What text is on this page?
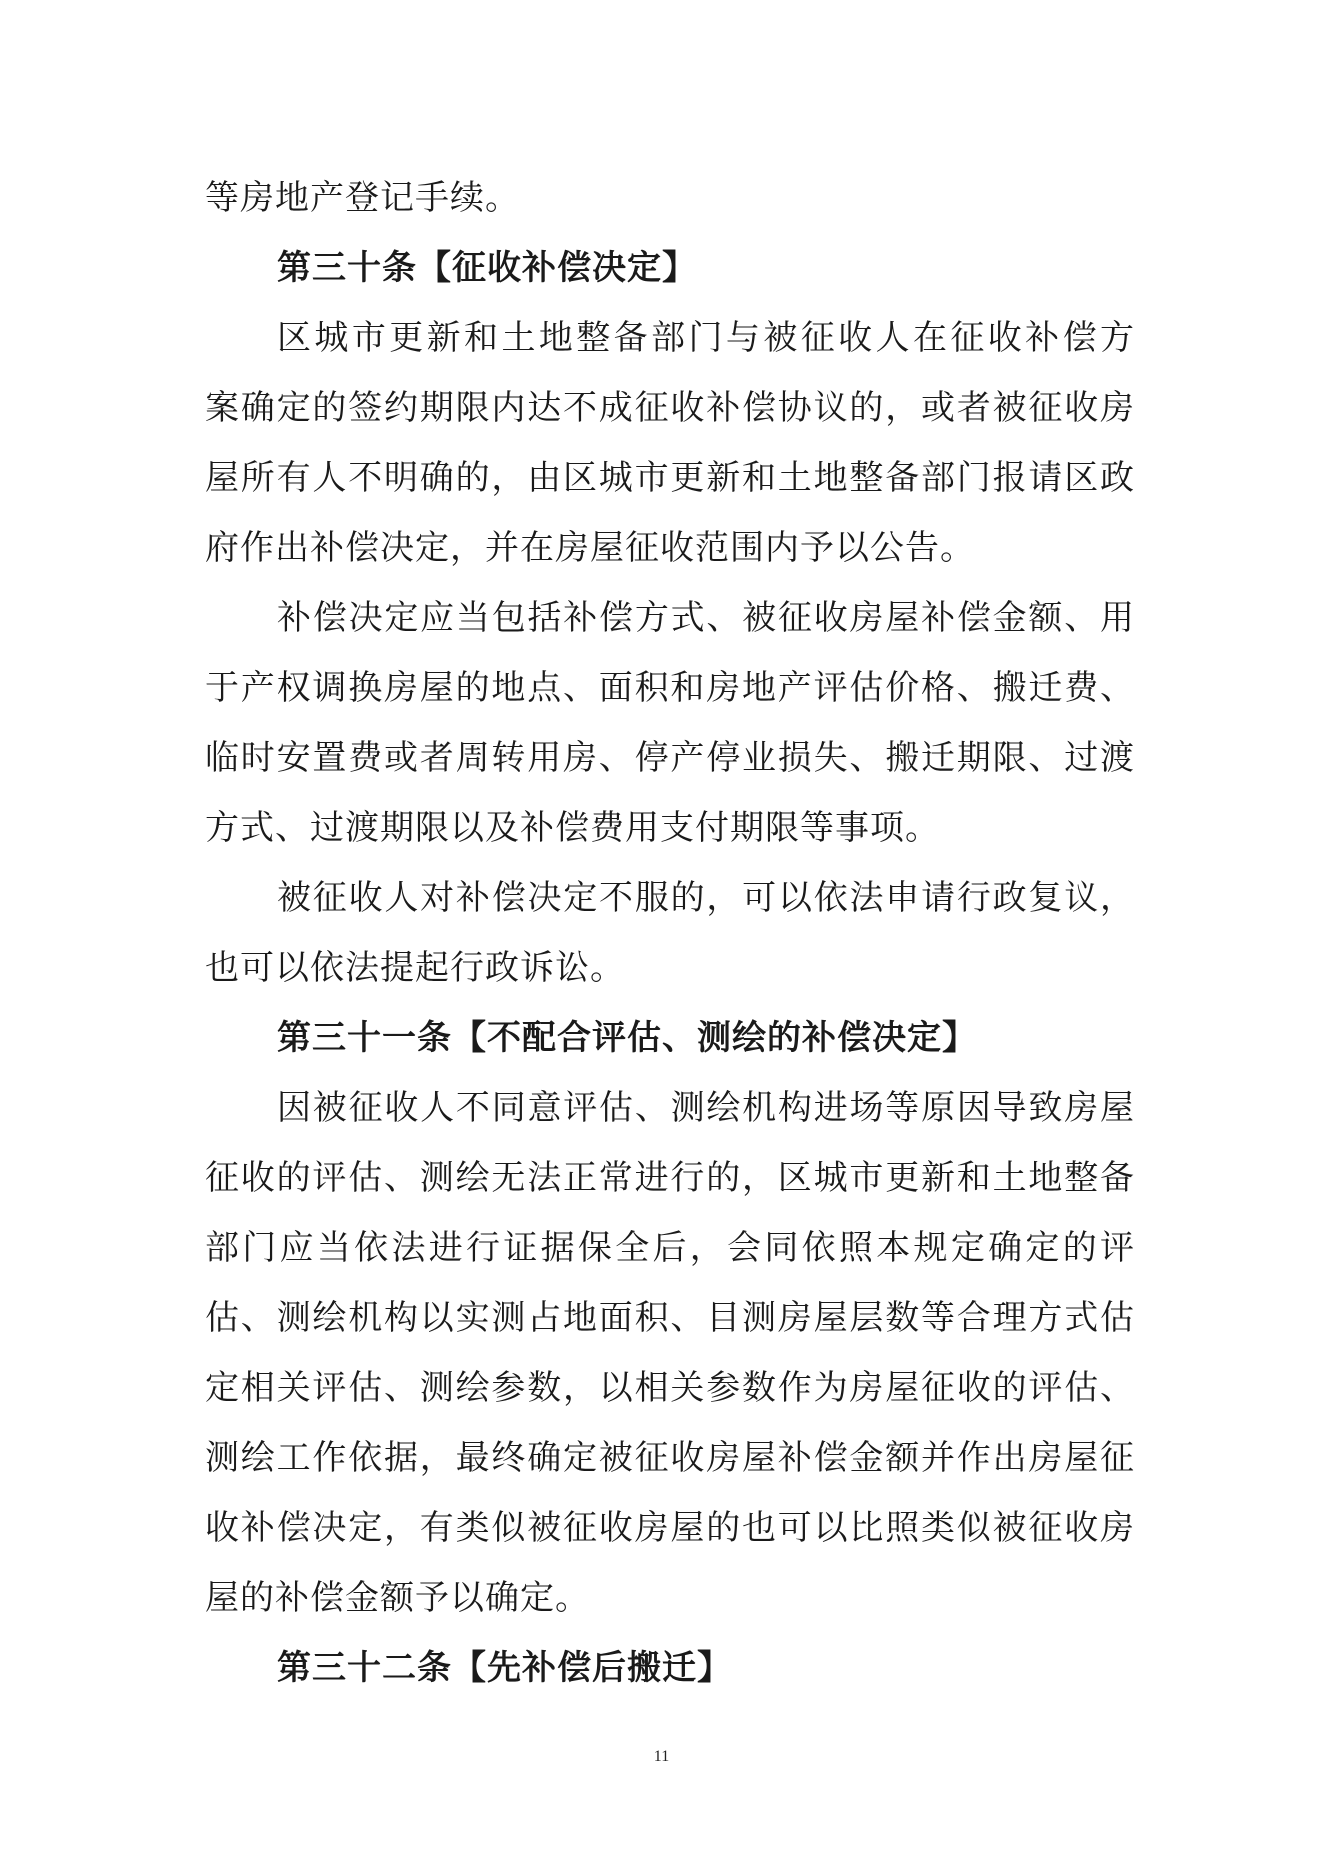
等房地产登记手续。
第三十条【征收补偿决定】
区城市更新和土地整备部门与被征收人在征收补偿方
案确定的签约期限内达不成征收补偿协议的，或者被征收房
屋所有人不明确的，由区城市更新和土地整备部门报请区政
府作出补偿决定，并在房屋征收范围内予以公告。
补偿决定应当包括补偿方式、被征收房屋补偿金额、用
于产权调换房屋的地点、面积和房地产评估价格、搬迁费、
临时安置费或者周转用房、停产停业损失、搬迁期限、过渡
方式、过渡期限以及补偿费用支付期限等事项。
被征收人对补偿决定不服的，可以依法申请行政复议，
也可以依法提起行政诉讼。
第三十一条【不配合评估、测绘的补偿决定】
因被征收人不同意评估、测绘机构进场等原因导致房屋
征收的评估、测绘无法正常进行的，区城市更新和土地整备
部门应当依法进行证据保全后，会同依照本规定确定的评
估、测绘机构以实测占地面积、目测房屋层数等合理方式估
定相关评估、测绘参数，以相关参数作为房屋征收的评估、
测绘工作依据，最终确定被征收房屋补偿金额并作出房屋征
收补偿决定，有类似被征收房屋的也可以比照类似被征收房
屋的补偿金额予以确定。
第三十二条【先补偿后搬迁】
11
